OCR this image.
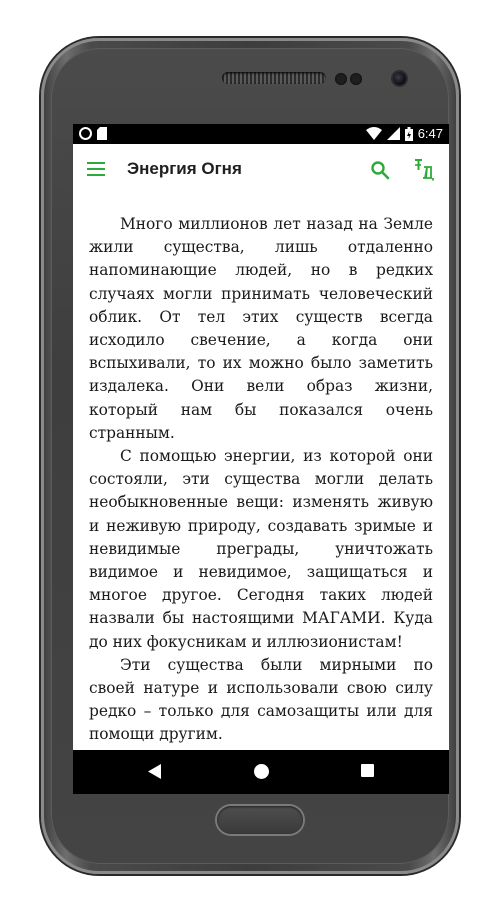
6:47
Энергия Огня

Много миллионов лет назад на Земле жили существа, лишь отдаленно напоминающие людей, но в редких случаях могли принимать человеческий облик. От тел этих существ всегда исходило свечение, а когда они вспыхивали, то их можно было заметить издалека. Они вели образ жизни, который нам бы показался очень странным.

С помощью энергии, из которой они состояли, эти существа могли делать необыкновенные вещи: изменять живую и неживую природу, создавать зримые и невидимые преграды, уничтожать видимое и невидимое, защищаться и многое другое. Сегодня таких людей назвали бы настоящими МАГАМИ. Куда до них фокусникам и иллюзионистам!

Эти существа были мирными по своей натуре и использовали свою силу редко – только для самозащиты или для помощи другим.
